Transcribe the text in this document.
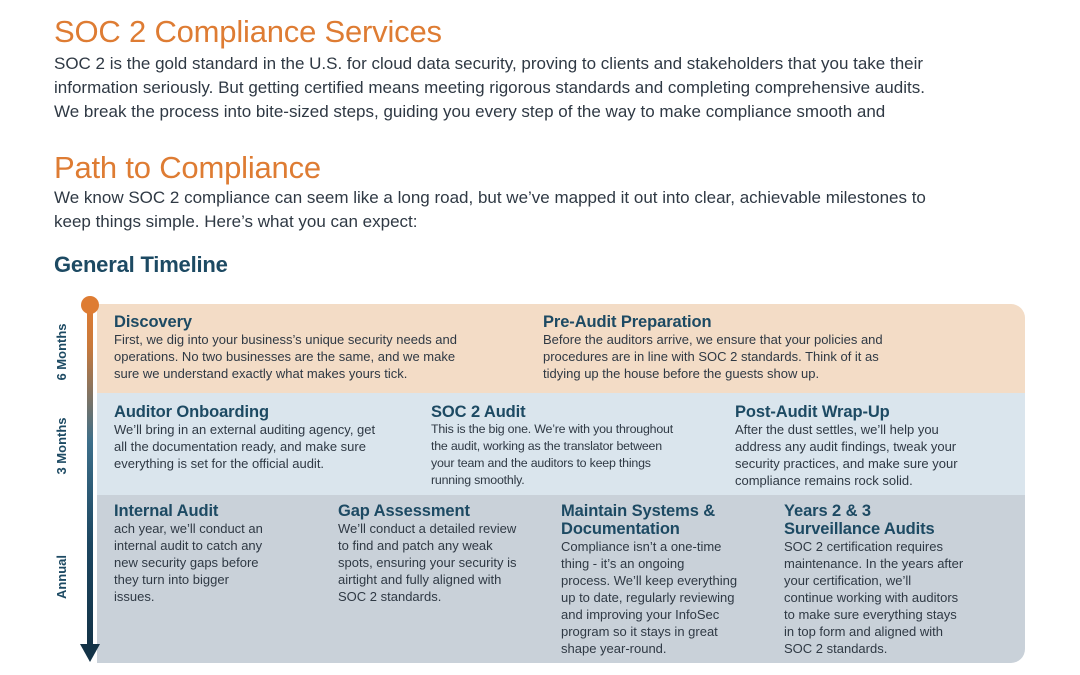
SOC 2 Compliance Services

SOC 2 is the gold standard in the U.S. for cloud data security, proving to clients and stakeholders that you take their
information seriously. But getting certified means meeting rigorous standards and completing comprehensive audits.
We break the process into bite-sized steps, guiding you every step of the way to make compliance smooth and

Path to Compliance

We know SOC 2 compliance can seem like a long road, but we’ve mapped it out into clear, achievable milestones to
keep things simple. Here’s what you can expect:

General Timeline
6 Months
3 Months
Annual
Discovery
First, we dig into your business’s unique security needs and
operations. No two businesses are the same, and we make
sure we understand exactly what makes yours tick.
Pre-Audit Preparation
Before the auditors arrive, we ensure that your policies and
procedures are in line with SOC 2 standards. Think of it as
tidying up the house before the guests show up.
Auditor Onboarding
We’ll bring in an external auditing agency, get
all the documentation ready, and make sure
everything is set for the official audit.
SOC 2 Audit
This is the big one. We’re with you throughout
the audit, working as the translator between
your team and the auditors to keep things
running smoothly.
Post-Audit Wrap-Up
After the dust settles, we’ll help you
address any audit findings, tweak your
security practices, and make sure your
compliance remains rock solid.
Internal Audit
ach year, we’ll conduct an
internal audit to catch any
new security gaps before
they turn into bigger
issues.
Gap Assessment
We’ll conduct a detailed review
to find and patch any weak
spots, ensuring your security is
airtight and fully aligned with
SOC 2 standards.
Maintain Systems &
Documentation
Compliance isn’t a one-time
thing - it’s an ongoing
process. We’ll keep everything
up to date, regularly reviewing
and improving your InfoSec
program so it stays in great
shape year-round.
Years 2 & 3
Surveillance Audits
SOC 2 certification requires
maintenance. In the years after
your certification, we’ll
continue working with auditors
to make sure everything stays
in top form and aligned with
SOC 2 standards.
